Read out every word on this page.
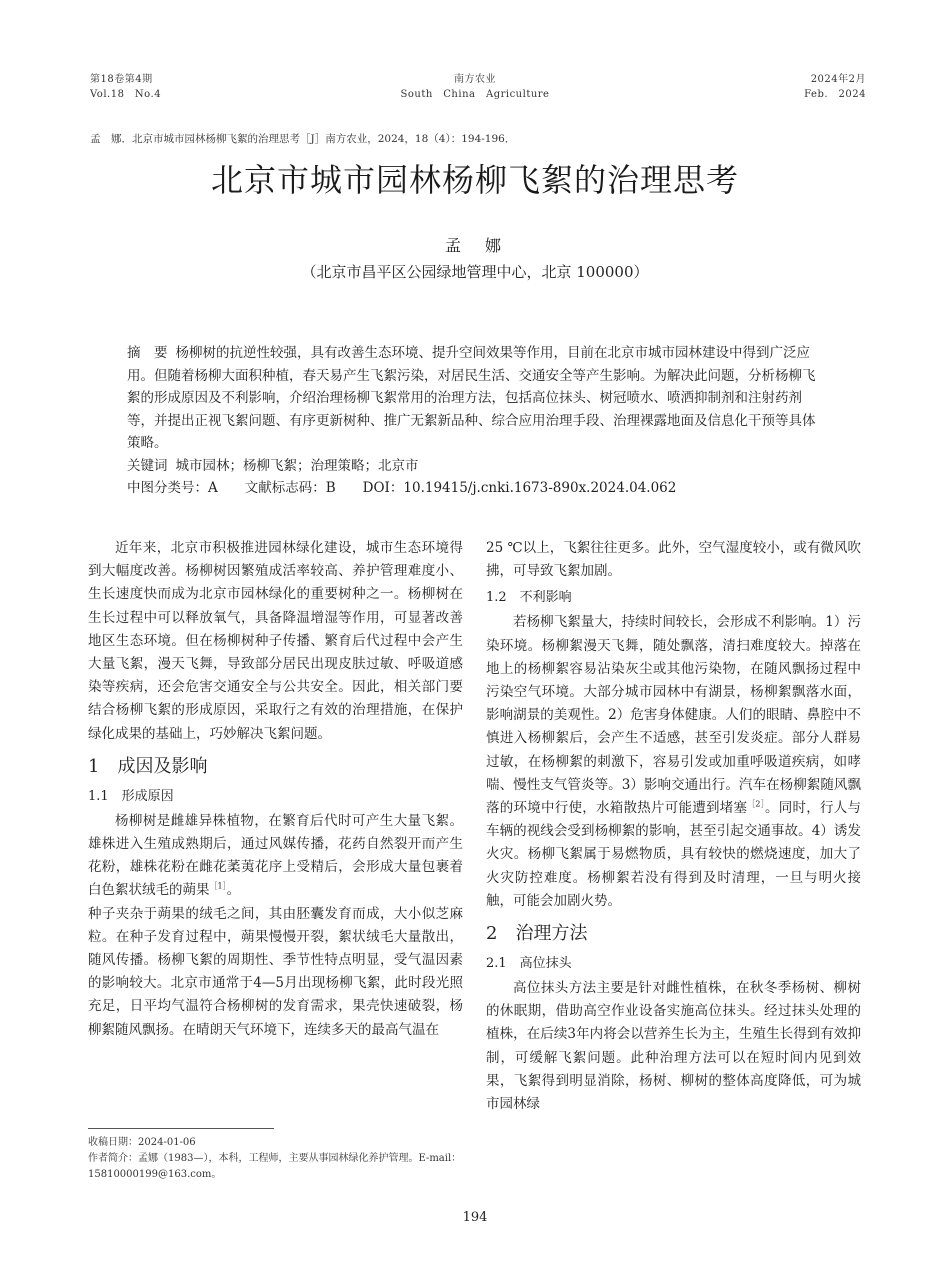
第18卷第4期
Vol.18　No.4
南方农业
South　China　Agriculture
2024年2月
Feb.　2024
孟　娜．北京市城市园林杨柳飞絮的治理思考［J］南方农业，2024，18（4）：194-196．
北京市城市园林杨柳飞絮的治理思考
孟　娜
（北京市昌平区公园绿地管理中心，北京 100000）

摘　要 杨柳树的抗逆性较强，具有改善生态环境、提升空间效果等作用，目前在北京市城市园林建设中得到广泛应用。但随着杨柳大面积种植，春天易产生飞絮污染，对居民生活、交通安全等产生影响。为解决此问题，分析杨柳飞絮的形成原因及不利影响，介绍治理杨柳飞絮常用的治理方法，包括高位抹头、树冠喷水、喷洒抑制剂和注射药剂等，并提出正视飞絮问题、有序更新树种、推广无絮新品种、综合应用治理手段、治理裸露地面及信息化干预等具体策略。

关键词 城市园林；杨柳飞絮；治理策略；北京市

中图分类号：A　　文献标志码：B　　DOI：10.19415/j.cnki.1673-890x.2024.04.062

近年来，北京市积极推进园林绿化建设，城市生态环境得到大幅度改善。杨柳树因繁殖成活率较高、养护管理难度小、生长速度快而成为北京市园林绿化的重要树种之一。杨柳树在生长过程中可以释放氧气，具备降温增湿等作用，可显著改善地区生态环境。但在杨柳树种子传播、繁育后代过程中会产生大量飞絮，漫天飞舞，导致部分居民出现皮肤过敏、呼吸道感染等疾病，还会危害交通安全与公共安全。因此，相关部门要结合杨柳飞絮的形成原因，采取行之有效的治理措施，在保护绿化成果的基础上，巧妙解决飞絮问题。

1　成因及影响
1.1　形成原因

杨柳树是雌雄异株植物，在繁育后代时可产生大量飞絮。雄株进入生殖成熟期后，通过风媒传播，花药自然裂开而产生花粉，雄株花粉在雌花葇荑花序上受精后，会形成大量包裹着白色絮状绒毛的蒴果$^{[1]}$。

种子夹杂于蒴果的绒毛之间，其由胚囊发育而成，大小似芝麻粒。在种子发育过程中，蒴果慢慢开裂，絮状绒毛大量散出，随风传播。杨柳飞絮的周期性、季节性特点明显，受气温因素的影响较大。北京市通常于4—5月出现杨柳飞絮，此时段光照充足，日平均气温符合杨柳树的发育需求，果壳快速破裂，杨柳絮随风飘扬。在晴朗天气环境下，连续多天的最高气温在

25 ℃以上，飞絮往往更多。此外，空气湿度较小，或有微风吹拂，可导致飞絮加剧。

1.2　不利影响

若杨柳飞絮量大，持续时间较长，会形成不利影响。1）污染环境。杨柳絮漫天飞舞，随处飘落，清扫难度较大。掉落在地上的杨柳絮容易沾染灰尘或其他污染物，在随风飘扬过程中污染空气环境。大部分城市园林中有湖景，杨柳絮飘落水面，影响湖景的美观性。2）危害身体健康。人们的眼睛、鼻腔中不慎进入杨柳絮后，会产生不适感，甚至引发炎症。部分人群易过敏，在杨柳絮的刺激下，容易引发或加重呼吸道疾病，如哮喘、慢性支气管炎等。3）影响交通出行。汽车在杨柳絮随风飘落的环境中行使，水箱散热片可能遭到堵塞$^{[2]}$。同时，行人与车辆的视线会受到杨柳絮的影响，甚至引起交通事故。4）诱发火灾。杨柳飞絮属于易燃物质，具有较快的燃烧速度，加大了火灾防控难度。杨柳絮若没有得到及时清理，一旦与明火接触，可能会加剧火势。

2　治理方法
2.1　高位抹头

高位抹头方法主要是针对雌性植株，在秋冬季杨树、柳树的休眠期，借助高空作业设备实施高位抹头。经过抹头处理的植株，在后续3年内将会以营养生长为主，生殖生长得到有效抑制，可缓解飞絮问题。此种治理方法可以在短时间内见到效果，飞絮得到明显消除，杨树、柳树的整体高度降低，可为城市园林绿

收稿日期：2024-01-06

作者简介：孟娜（1983—），本科，工程师，主要从事园林绿化养护管理。E-mail：15810000199@163.com。

194
